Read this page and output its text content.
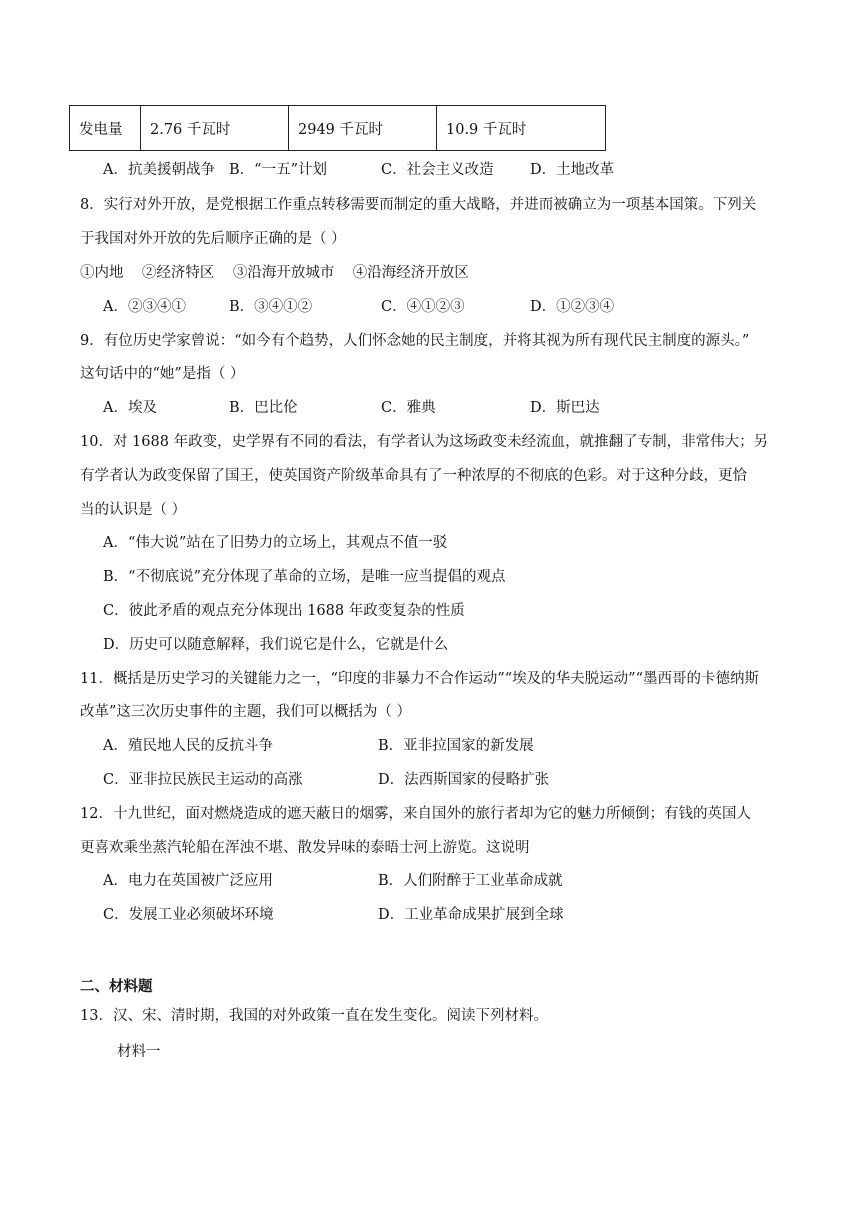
发电量	2.76 千瓦时	2949 千瓦时	10.9 千瓦时
A．抗美援朝战争 B．“一五”计划	C．社会主义改造	D．土地改革
8．实行对外开放，是党根据工作重点转移需要而制定的重大战略，并进而被确立为一项基本国策。下列关
于我国对外开放的先后顺序正确的是（ ）
①内地    ②经济特区    ③沿海开放城市    ④沿海经济开放区
A．②③④①	B．③④①②	C．④①②③	D．①②③④
9．有位历史学家曾说：“如今有个趋势，人们怀念她的民主制度，并将其视为所有现代民主制度的源头。”
这句话中的“她”是指（ ）
A．埃及	B．巴比伦	C．雅典	D．斯巴达
10．对 1688 年政变，史学界有不同的看法，有学者认为这场政变未经流血，就推翻了专制，非常伟大；另
有学者认为政变保留了国王，使英国资产阶级革命具有了一种浓厚的不彻底的色彩。对于这种分歧，更恰
当的认识是（ ）
A．“伟大说”站在了旧势力的立场上，其观点不值一驳
B．“不彻底说”充分体现了革命的立场，是唯一应当提倡的观点
C．彼此矛盾的观点充分体现出 1688 年政变复杂的性质
D．历史可以随意解释，我们说它是什么，它就是什么
11．概括是历史学习的关键能力之一，“印度的非暴力不合作运动”“埃及的华夫脱运动”“墨西哥的卡德纳斯
改革”这三次历史事件的主题，我们可以概括为（ ）
A．殖民地人民的反抗斗争	B．亚非拉国家的新发展
C．亚非拉民族民主运动的高涨	D．法西斯国家的侵略扩张
12．十九世纪，面对燃烧造成的遮天蔽日的烟雾，来自国外的旅行者却为它的魅力所倾倒；有钱的英国人
更喜欢乘坐蒸汽轮船在浑浊不堪、散发异味的泰晤士河上游览。这说明
A．电力在英国被广泛应用	B．人们附醉于工业革命成就
C．发展工业必须破坏环境	D．工业革命成果扩展到全球
二、材料题
13．汉、宋、清时期，我国的对外政策一直在发生变化。阅读下列材料。
材料一
